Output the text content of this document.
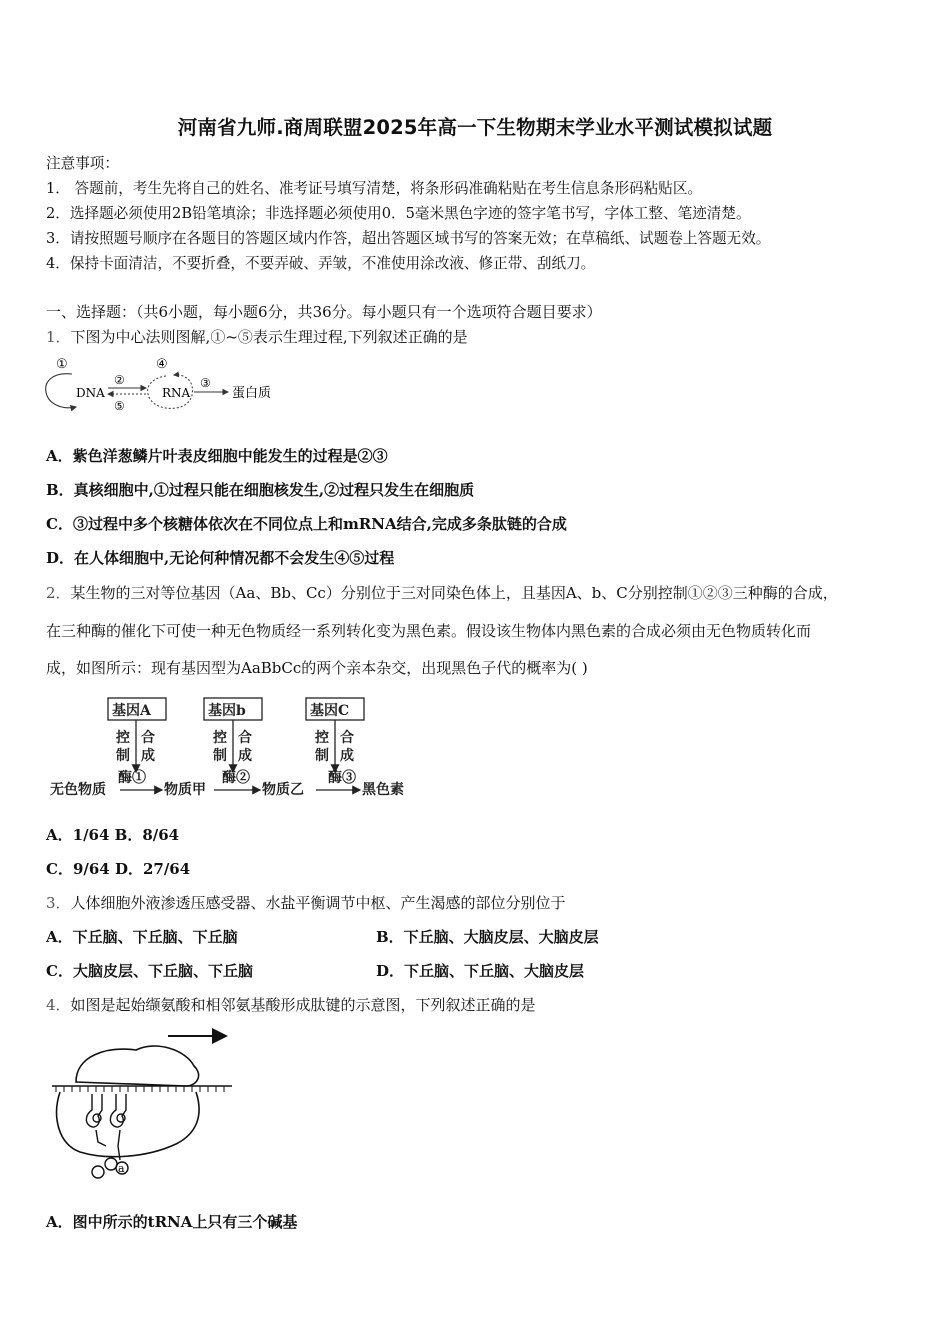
河南省九师.商周联盟2025年高一下生物期末学业水平测试模拟试题
注意事项：
1． 答题前，考生先将自己的姓名、准考证号填写清楚，将条形码准确粘贴在考生信息条形码粘贴区。
2．选择题必须使用2B铅笔填涂；非选择题必须使用0．5毫米黑色字迹的签字笔书写，字体工整、笔迹清楚。
3．请按照题号顺序在各题目的答题区域内作答，超出答题区域书写的答案无效；在草稿纸、试题卷上答题无效。
4．保持卡面清洁，不要折叠，不要弄破、弄皱，不准使用涂改液、修正带、刮纸刀。
一、选择题：（共6小题，每小题6分，共36分。每小题只有一个选项符合题目要求）
1．下图为中心法则图解,①~⑤表示生理过程,下列叙述正确的是
①
DNA
②
⑤
④
RNA
③
蛋白质
A．紫色洋葱鳞片叶表皮细胞中能发生的过程是②③
B．真核细胞中,①过程只能在细胞核发生,②过程只发生在细胞质
C．③过程中多个核糖体依次在不同位点上和mRNA结合,完成多条肽链的合成
D．在人体细胞中,无论何种情况都不会发生④⑤过程
2．某生物的三对等位基因（Aa、Bb、Cc）分别位于三对同染色体上，且基因A、b、C分别控制①②③三种酶的合成，
在三种酶的催化下可使一种无色物质经一系列转化变为黑色素。假设该生物体内黑色素的合成必须由无色物质转化而
成，如图所示：现有基因型为AaBbCc的两个亲本杂交，出现黑色子代的概率为( )
基因A	基因b	基因C
控
制
合
成
控
制
合
成
控
制
合
成
酶①	酶②	酶③
无色物质	物质甲	物质乙	黑色素
A．1/64 B．8/64
C．9/64 D．27/64
3．人体细胞外液渗透压感受器、水盐平衡调节中枢、产生渴感的部位分别位于
A．下丘脑、下丘脑、下丘脑	B．下丘脑、大脑皮层、大脑皮层
C．大脑皮层、下丘脑、下丘脑	D．下丘脑、下丘脑、大脑皮层
4．如图是起始缬氨酸和相邻氨基酸形成肽键的示意图，下列叙述正确的是
a
A．图中所示的tRNA上只有三个碱基
